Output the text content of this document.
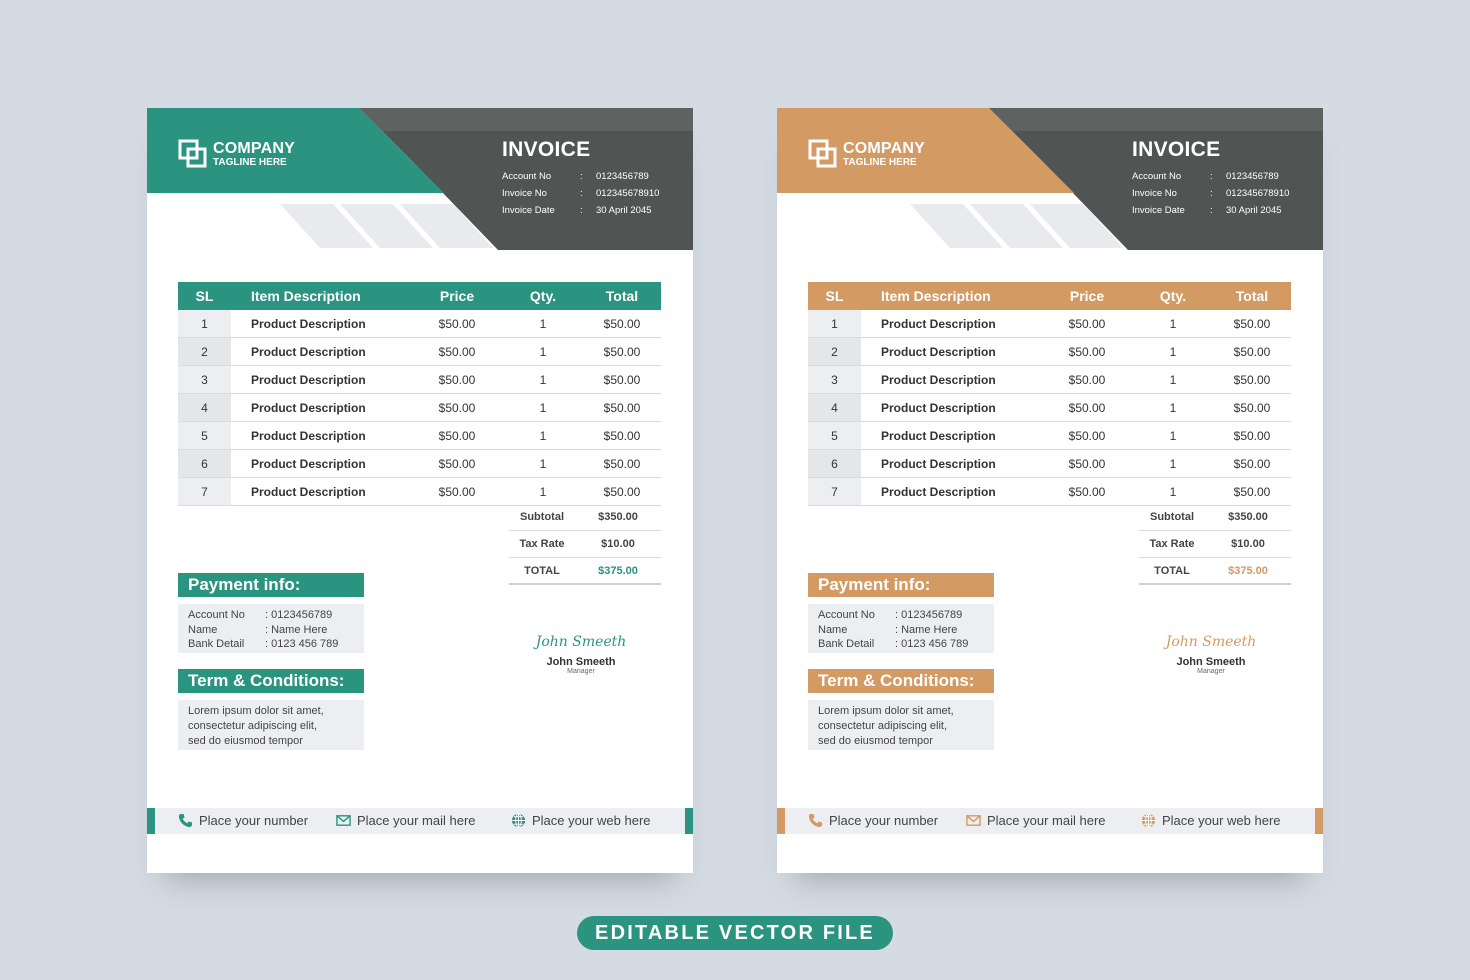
COMPANY
TAGLINE HERE
INVOICE
Account No	:	0123456789
Invoice No	:	012345678910
Invoice Date	:	30 April 2045
SL	Item Description	Price	Qty.	Total
1	Product Description	$50.00	1	$50.00
2	Product Description	$50.00	1	$50.00
3	Product Description	$50.00	1	$50.00
4	Product Description	$50.00	1	$50.00
5	Product Description	$50.00	1	$50.00
6	Product Description	$50.00	1	$50.00
7	Product Description	$50.00	1	$50.00
Subtotal	$350.00
Tax Rate	$10.00
TOTAL	$375.00
Payment info:
Account No	: 0123456789
Name	: Name Here
Bank Detail	: 0123 456 789
Term & Conditions:

Lorem ipsum dolor sit amet,

consectetur adipiscing elit,

sed do eiusmod tempor

John Smeeth
John Smeeth
Manager
Place your number	Place your mail here	Place your web here
COMPANY
TAGLINE HERE
INVOICE
Account No	:	0123456789
Invoice No	:	012345678910
Invoice Date	:	30 April 2045
SL	Item Description	Price	Qty.	Total
1	Product Description	$50.00	1	$50.00
2	Product Description	$50.00	1	$50.00
3	Product Description	$50.00	1	$50.00
4	Product Description	$50.00	1	$50.00
5	Product Description	$50.00	1	$50.00
6	Product Description	$50.00	1	$50.00
7	Product Description	$50.00	1	$50.00
Subtotal	$350.00
Tax Rate	$10.00
TOTAL	$375.00
Payment info:
Account No	: 0123456789
Name	: Name Here
Bank Detail	: 0123 456 789
Term & Conditions:

Lorem ipsum dolor sit amet,

consectetur adipiscing elit,

sed do eiusmod tempor

John Smeeth
John Smeeth
Manager
Place your number	Place your mail here	Place your web here
EDITABLE VECTOR FILE
